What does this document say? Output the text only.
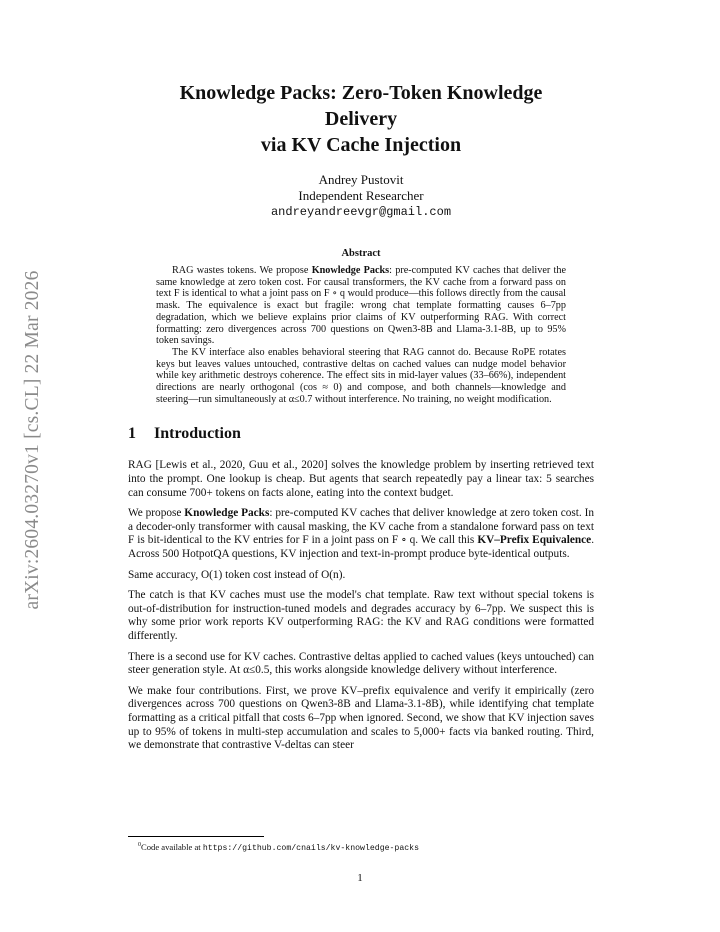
arXiv:2604.03270v1 [cs.CL] 22 Mar 2026
Knowledge Packs: Zero-Token Knowledge
Delivery
via KV Cache Injection
Andrey Pustovit
Independent Researcher
andreyandreevgr@gmail.com
Abstract

RAG wastes tokens. We propose Knowledge Packs: pre-computed KV caches that deliver the same knowledge at zero token cost. For causal transformers, the KV cache from a forward pass on text F is identical to what a joint pass on F ∘ q would produce—this follows directly from the causal mask. The equivalence is exact but fragile: wrong chat template formatting causes 6–7pp degradation, which we believe explains prior claims of KV outperforming RAG. With correct formatting: zero divergences across 700 questions on Qwen3-8B and Llama-3.1-8B, up to 95% token savings.

The KV interface also enables behavioral steering that RAG cannot do. Because RoPE rotates keys but leaves values untouched, contrastive deltas on cached values can nudge model behavior while key arithmetic destroys coherence. The effect sits in mid-layer values (33–66%), independent directions are nearly orthogonal (cos ≈ 0) and compose, and both channels—knowledge and steering—run simultaneously at α≤0.7 without interference. No training, no weight modification.

1 Introduction

RAG [Lewis et al., 2020, Guu et al., 2020] solves the knowledge problem by inserting retrieved text into the prompt. One lookup is cheap. But agents that search repeatedly pay a linear tax: 5 searches can consume 700+ tokens on facts alone, eating into the context budget.

We propose Knowledge Packs: pre-computed KV caches that deliver knowledge at zero token cost. In a decoder-only transformer with causal masking, the KV cache from a standalone forward pass on text F is bit-identical to the KV entries for F in a joint pass on F ∘ q. We call this KV–Prefix Equivalence. Across 500 HotpotQA questions, KV injection and text-in-prompt produce byte-identical outputs.

Same accuracy, O(1) token cost instead of O(n).

The catch is that KV caches must use the model's chat template. Raw text without special tokens is out-of-distribution for instruction-tuned models and degrades accuracy by 6–7pp. We suspect this is why some prior work reports KV outperforming RAG: the KV and RAG conditions were formatted differently.

There is a second use for KV caches. Contrastive deltas applied to cached values (keys untouched) can steer generation style. At α≤0.5, this works alongside knowledge delivery without interference.

We make four contributions. First, we prove KV–prefix equivalence and verify it empirically (zero divergences across 700 questions on Qwen3-8B and Llama-3.1-8B), while identifying chat template formatting as a critical pitfall that costs 6–7pp when ignored. Second, we show that KV injection saves up to 95% of tokens in multi-step accumulation and scales to 5,000+ facts via banked routing. Third, we demonstrate that contrastive V-deltas can steer

$^0$Code available at https://github.com/cnails/kv-knowledge-packs
1
